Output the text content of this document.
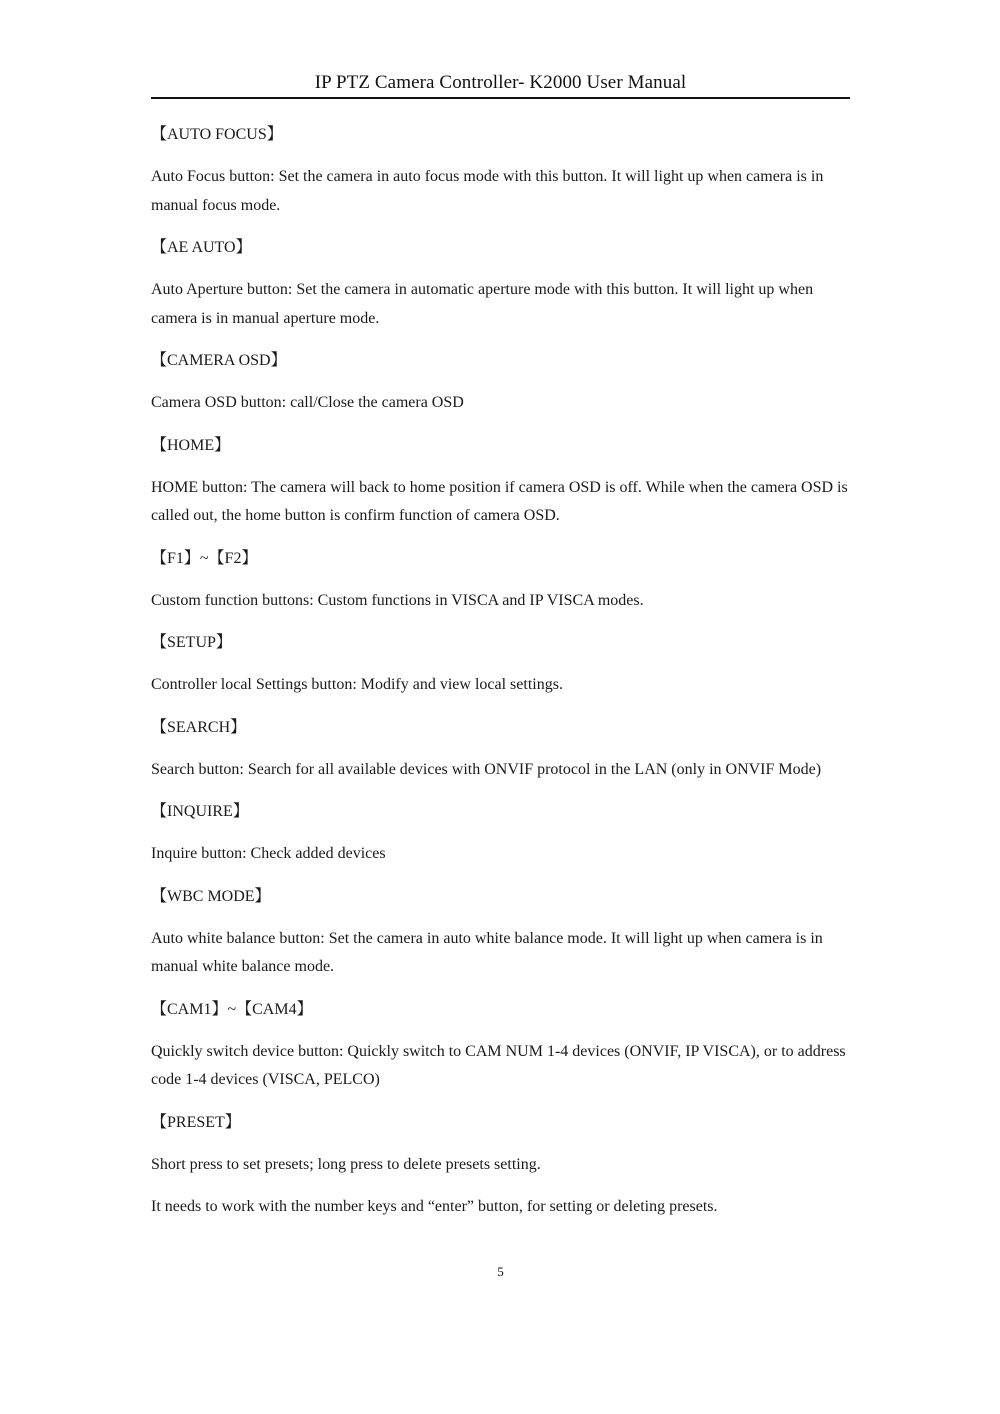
IP PTZ Camera Controller- K2000 User Manual
【AUTO FOCUS】
Auto Focus button: Set the camera in auto focus mode with this button. It will light up when camera is in manual focus mode.
【AE AUTO】
Auto Aperture button: Set the camera in automatic aperture mode with this button. It will light up when camera is in manual aperture mode.
【CAMERA OSD】
Camera OSD button: call/Close the camera OSD
【HOME】
HOME button: The camera will back to home position if camera OSD is off. While when the camera OSD is called out, the home button is confirm function of camera OSD.
【F1】~【F2】
Custom function buttons: Custom functions in VISCA and IP VISCA modes.
【SETUP】
Controller local Settings button: Modify and view local settings.
【SEARCH】
Search button: Search for all available devices with ONVIF protocol in the LAN (only in ONVIF Mode)
【INQUIRE】
Inquire button: Check added devices
【WBC MODE】
Auto white balance button: Set the camera in auto white balance mode. It will light up when camera is in manual white balance mode.
【CAM1】~【CAM4】
Quickly switch device button: Quickly switch to CAM NUM 1-4 devices (ONVIF, IP VISCA), or to address code 1-4 devices (VISCA, PELCO)
【PRESET】
Short press to set presets; long press to delete presets setting.
It needs to work with the number keys and “enter” button, for setting or deleting presets.
5
